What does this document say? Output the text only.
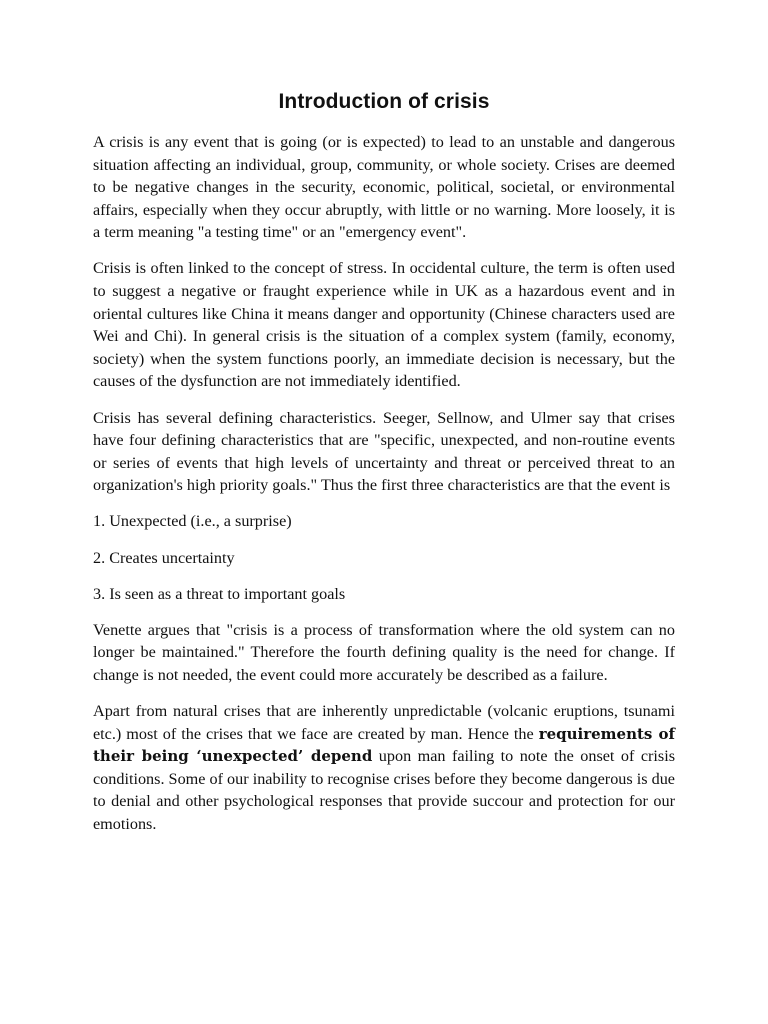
Introduction of crisis

A crisis is any event that is going (or is expected) to lead to an unstable and dangerous situation affecting an individual, group, community, or whole society. Crises are deemed to be negative changes in the security, economic, political, societal, or environmental affairs, especially when they occur abruptly, with little or no warning. More loosely, it is a term meaning "a testing time" or an "emergency event".

Crisis is often linked to the concept of stress. In occidental culture, the term is often used to suggest a negative or fraught experience while in UK as a hazardous event and in oriental cultures like China it means danger and opportunity (Chinese characters used are Wei and Chi). In general crisis is the situation of a complex system (family, economy, society) when the system functions poorly, an immediate decision is necessary, but the causes of the dysfunction are not immediately identified.

Crisis has several defining characteristics. Seeger, Sellnow, and Ulmer say that crises have four defining characteristics that are "specific, unexpected, and non-routine events or series of events that high levels of uncertainty and threat or perceived threat to an organization's high priority goals." Thus the first three characteristics are that the event is

1. Unexpected (i.e., a surprise)

2. Creates uncertainty

3. Is seen as a threat to important goals

Venette argues that "crisis is a process of transformation where the old system can no longer be maintained." Therefore the fourth defining quality is the need for change. If change is not needed, the event could more accurately be described as a failure.

Apart from natural crises that are inherently unpredictable (volcanic eruptions, tsunami etc.) most of the crises that we face are created by man. Hence the requirements of their being ‘unexpected’ depend upon man failing to note the onset of crisis conditions. Some of our inability to recognise crises before they become dangerous is due to denial and other psychological responses that provide succour and protection for our emotions.
